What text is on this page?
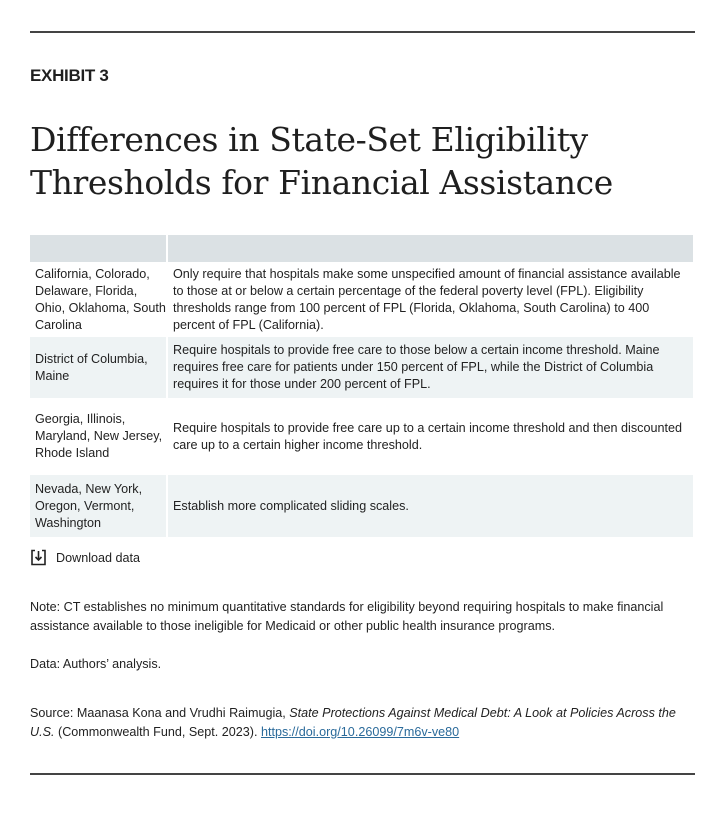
EXHIBIT 3
Differences in State-Set Eligibility Thresholds for Financial Assistance
California, Colorado, Delaware, Florida, Ohio, Oklahoma, South Carolina
Only require that hospitals make some unspecified amount of financial assistance available to those at or below a certain percentage of the federal poverty level (FPL). Eligibility thresholds range from 100 percent of FPL (Florida, Oklahoma, South Carolina) to 400 percent of FPL (California).
District of Columbia, Maine
Require hospitals to provide free care to those below a certain income threshold. Maine requires free care for patients under 150 percent of FPL, while the District of Columbia requires it for those under 200 percent of FPL.
Georgia, Illinois, Maryland, New Jersey, Rhode Island
Require hospitals to provide free care up to a certain income threshold and then discounted care up to a certain higher income threshold.
Nevada, New York, Oregon, Vermont, Washington
Establish more complicated sliding scales.
Download data

Note: CT establishes no minimum quantitative standards for eligibility beyond requiring hospitals to make financial assistance available to those ineligible for Medicaid or other public health insurance programs.

Data: Authors’ analysis.

Source: Maanasa Kona and Vrudhi Raimugia, State Protections Against Medical Debt: A Look at Policies Across the U.S. (Commonwealth Fund, Sept. 2023). https://doi.org/10.26099/7m6v-ve80
